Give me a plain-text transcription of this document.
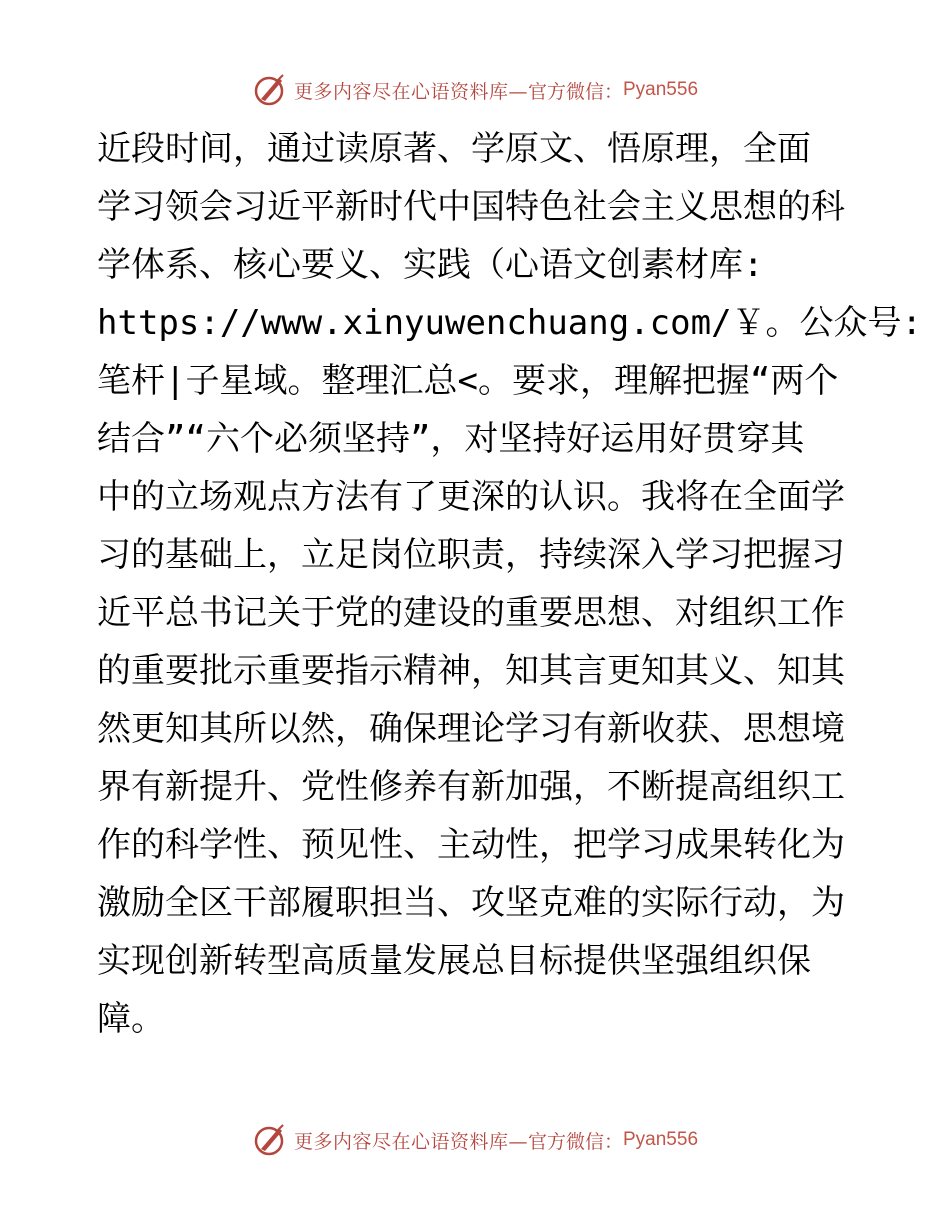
更多内容尽在心语资料库— 官方微信： Pyan556
近段时间，通过读原著、学原文、悟原理，全面
学习领会习近平新时代中国特色社会主义思想的科
学体系、核心要义、实践（心语文创素材库:
https://www.xinyuwenchuang.com/￥。公众号:
笔杆|子星域。整理汇总<。要求，理解把握“两个
结合”“六个必须坚持”，对坚持好运用好贯穿其
中的立场观点方法有了更深的认识。我将在全面学
习的基础上，立足岗位职责，持续深入学习把握习
近平总书记关于党的建设的重要思想、对组织工作
的重要批示重要指示精神，知其言更知其义、知其
然更知其所以然，确保理论学习有新收获、思想境
界有新提升、党性修养有新加强，不断提高组织工
作的科学性、预见性、主动性，把学习成果转化为
激励全区干部履职担当、攻坚克难的实际行动，为
实现创新转型高质量发展总目标提供坚强组织保
障。
更多内容尽在心语资料库— 官方微信： Pyan556
